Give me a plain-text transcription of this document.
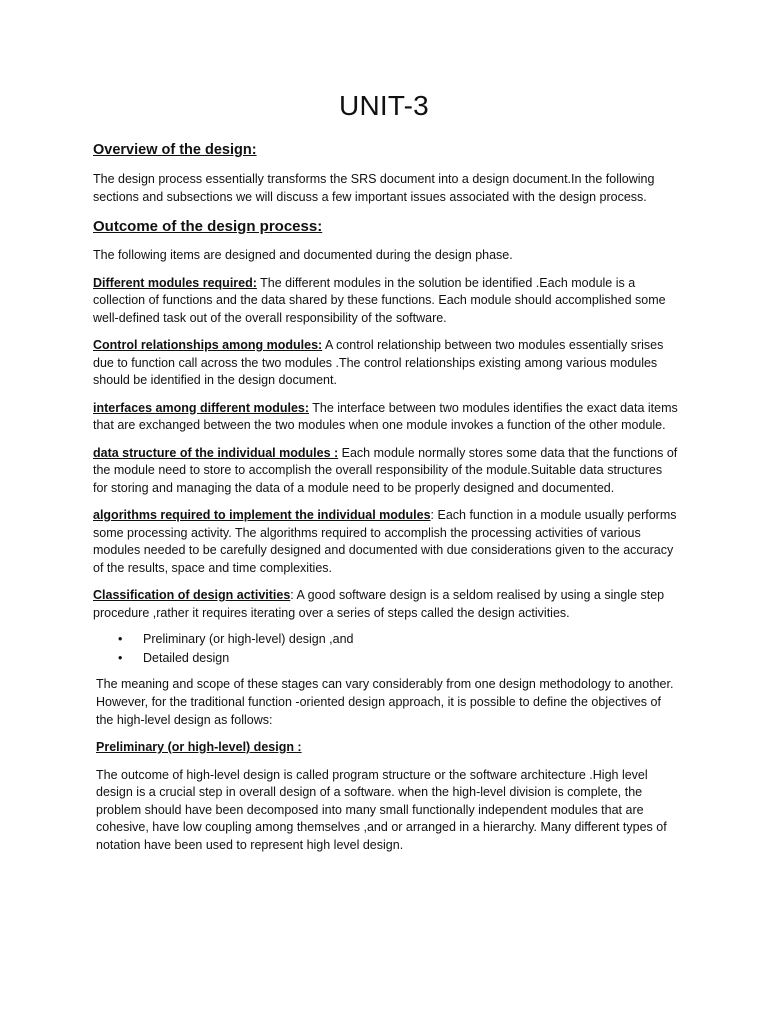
UNIT-3

Overview of the design:

The design process essentially transforms the SRS document into a design document.In the following sections and subsections we will discuss a few important issues associated with the design process.

Outcome of the design process:

The following items are designed and documented during the design phase.

Different modules required: The different modules in the solution be identified .Each module is a collection of functions and the data shared by these functions. Each module should accomplished some well-defined task out of the overall responsibility of the software.

Control relationships among modules: A control relationship between two modules essentially srises due to function call across the two modules .The control relationships existing among various modules should be identified in the design document.

interfaces among different modules: The interface between two modules identifies the exact data items that are exchanged between the two modules when one module invokes a function of the other module.

data structure of the individual modules : Each module normally stores some data that the functions of the module need to store to accomplish the overall responsibility of the module.Suitable data structures for storing and managing the data of a module need to be properly designed and documented.

algorithms required to implement the individual modules: Each function in a module usually performs some processing activity. The algorithms required to accomplish the processing activities of various modules needed to be carefully designed and documented with due considerations given to the accuracy of the results, space and time complexities.

Classification of design activities: A good software design is a seldom realised by using a single step procedure ,rather it requires iterating over a series of steps called the design activities.

• Preliminary (or high-level) design ,and
• Detailed design

The meaning and scope of these stages can vary considerably from one design methodology to another. However, for the traditional function -oriented design approach, it is possible to define the objectives of the high-level design as follows:

Preliminary (or high-level) design :

The outcome of high-level design is called program structure or the software architecture .High level design is a crucial step in overall design of a software. when the high-level division is complete, the problem should have been decomposed into many small functionally independent modules that are cohesive, have low coupling among themselves ,and or arranged in a hierarchy. Many different types of notation have been used to represent high level design.
